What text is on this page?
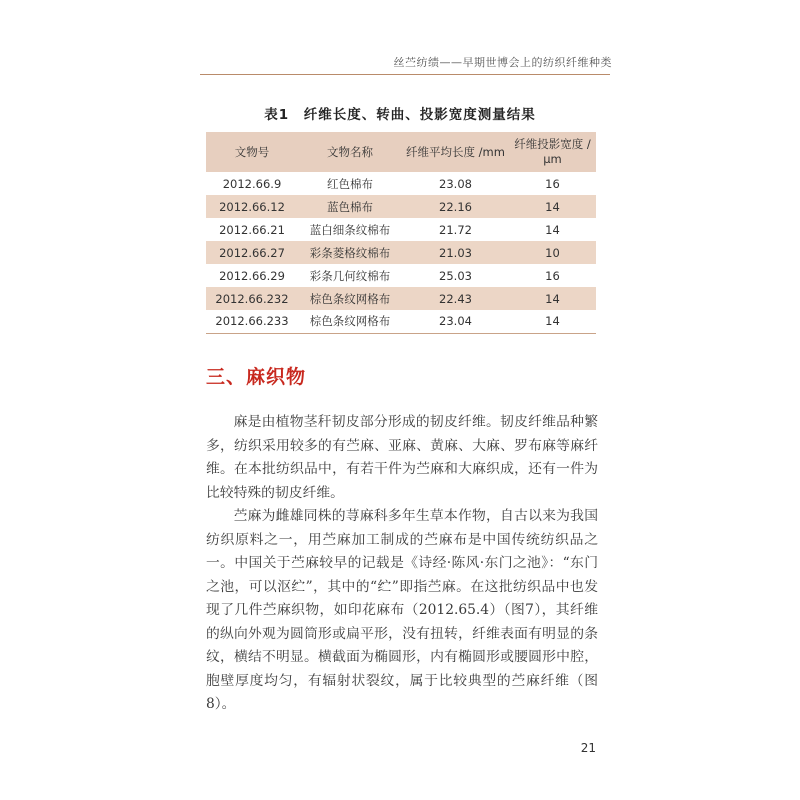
丝苎纺绩——早期世博会上的纺织纤维种类
表1　纤维长度、转曲、投影宽度测量结果
文物号	文物名称	纤维平均长度 /mm	纤维投影宽度 / μm
2012.66.9	红色棉布	23.08	16
2012.66.12	蓝色棉布	22.16	14
2012.66.21	蓝白细条纹棉布	21.72	14
2012.66.27	彩条菱格纹棉布	21.03	10
2012.66.29	彩条几何纹棉布	25.03	16
2012.66.232	棕色条纹网格布	22.43	14
2012.66.233	棕色条纹网格布	23.04	14
三、麻织物

麻是由植物茎秆韧皮部分形成的韧皮纤维。韧皮纤维品种繁多，纺织采用较多的有苎麻、亚麻、黄麻、大麻、罗布麻等麻纤维。在本批纺织品中，有若干件为苎麻和大麻织成，还有一件为比较特殊的韧皮纤维。

苎麻为雌雄同株的荨麻科多年生草本作物，自古以来为我国纺织原料之一，用苎麻加工制成的苎麻布是中国传统纺织品之一。中国关于苎麻较早的记载是《诗经·陈风·东门之池》：“东门之池，可以沤纻”，其中的“纻”即指苎麻。在这批纺织品中也发现了几件苎麻织物，如印花麻布（2012.65.4）（图7），其纤维的纵向外观为圆筒形或扁平形，没有扭转，纤维表面有明显的条纹，横结不明显。横截面为椭圆形，内有椭圆形或腰圆形中腔，胞壁厚度均匀，有辐射状裂纹，属于比较典型的苎麻纤维（图8）。

21
